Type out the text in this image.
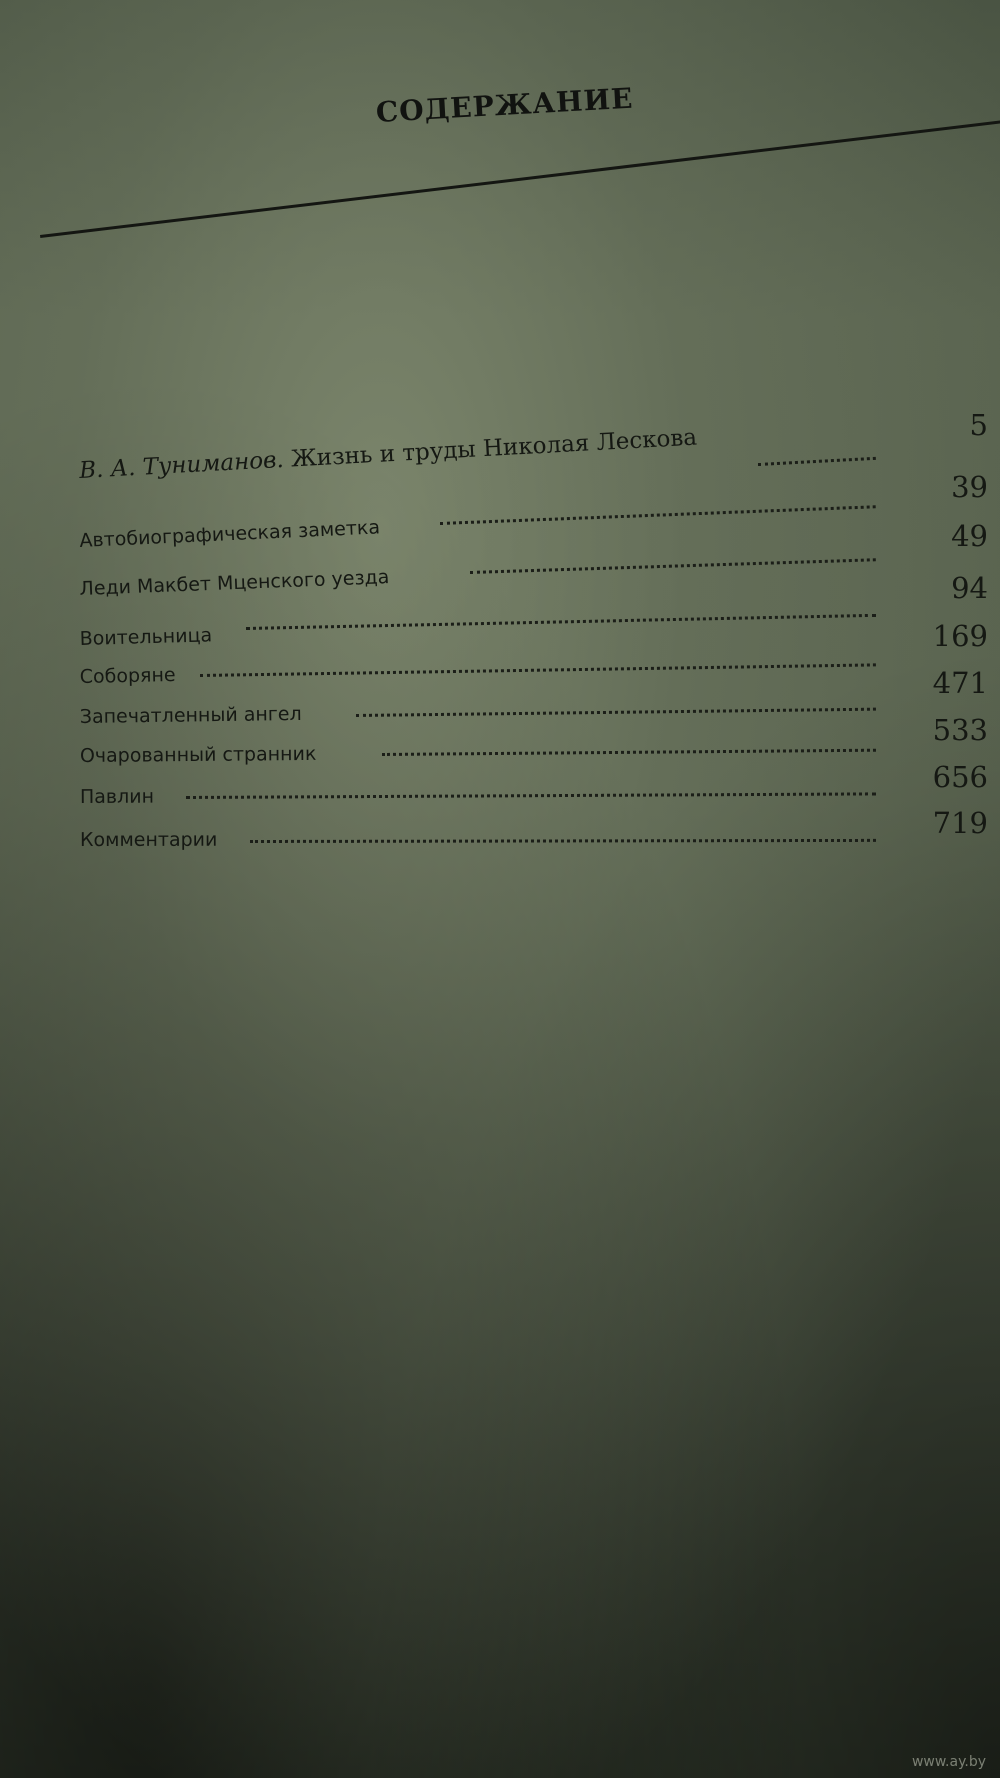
СОДЕРЖАНИЕ
В. А. Туниманов. Жизнь и труды Николая Лескова	5
Автобиографическая заметка
39
Леди Макбет Мценского уезда
49
Воительница
94
Соборяне
169
Запечатленный ангел
471
Очарованный странник
533
Павлин
656
Комментарии	719
www.ay.by
